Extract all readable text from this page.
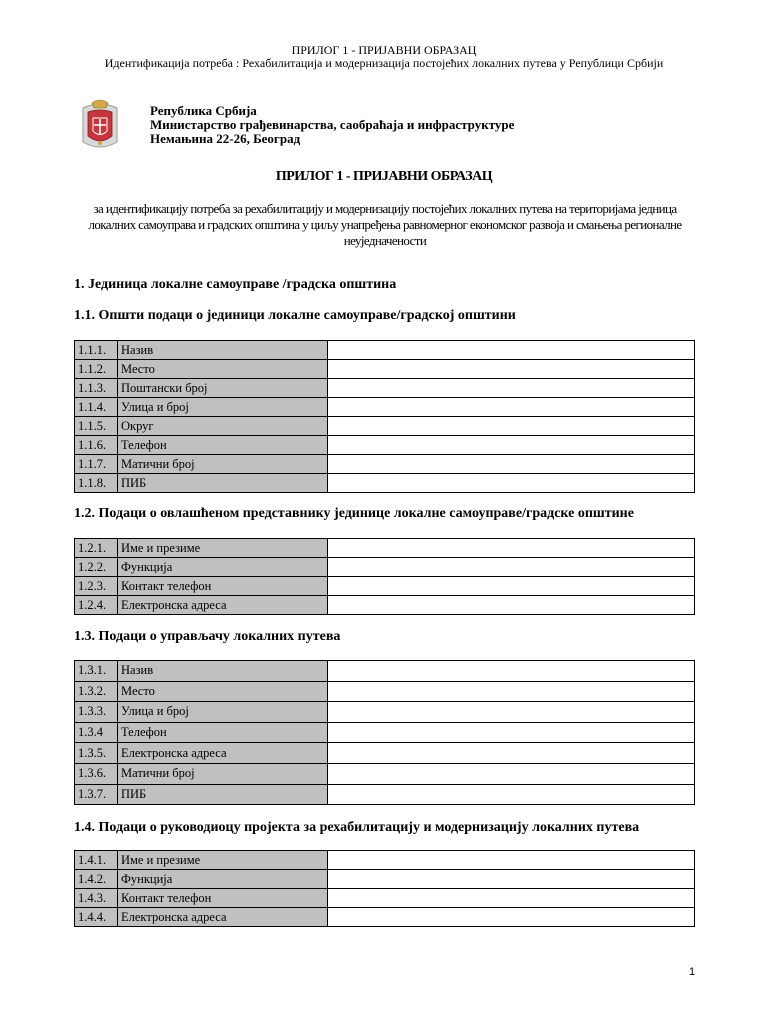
ПРИЛОГ 1 - ПРИЈАВНИ ОБРАЗАЦ
Идентификација потреба : Рехабилитација и модернизација постојећих локалних путева у Републици Србији
Република Србија
Министарство грађевинарства, саобраћаја и инфраструктуре
Немањина 22-26, Београд
ПРИЛОГ 1 - ПРИЈАВНИ ОБРАЗАЦ
за идентификацију потреба за рехабилитацију и модернизацију постојећих локалних путева на територијама једница локалних самоуправа и градских општина у циљу унапређења равномерног економског развоја и смањења регионалне неуједначености
1. Јединица локалне самоуправе /градска општина
1.1. Општи подаци о јединици локалне самоуправе/градској општини
1.1.1.	Назив	
1.1.2.	Место	
1.1.3.	Поштански број	
1.1.4.	Улица и број	
1.1.5.	Округ	
1.1.6.	Телефон	
1.1.7.	Матични број	
1.1.8.	ПИБ	
1.2. Подаци о овлашћеном представнику јединице локалне самоуправе/градске општине
1.2.1.	Име и презиме	
1.2.2.	Функција	
1.2.3.	Контакт телефон	
1.2.4.	Електронска адреса	
1.3. Подаци о управљачу локалних путева
1.3.1.	Назив	
1.3.2.	Место	
1.3.3.	Улица и број	
1.3.4	Телефон	
1.3.5.	Електронска адреса	
1.3.6.	Матични број	
1.3.7.	ПИБ	
1.4. Подаци о руководиоцу пројекта за рехабилитацију и модернизацију локалних путева
1.4.1.	Име и презиме	
1.4.2.	Функција	
1.4.3.	Контакт телефон	
1.4.4.	Електронска адреса	
1
